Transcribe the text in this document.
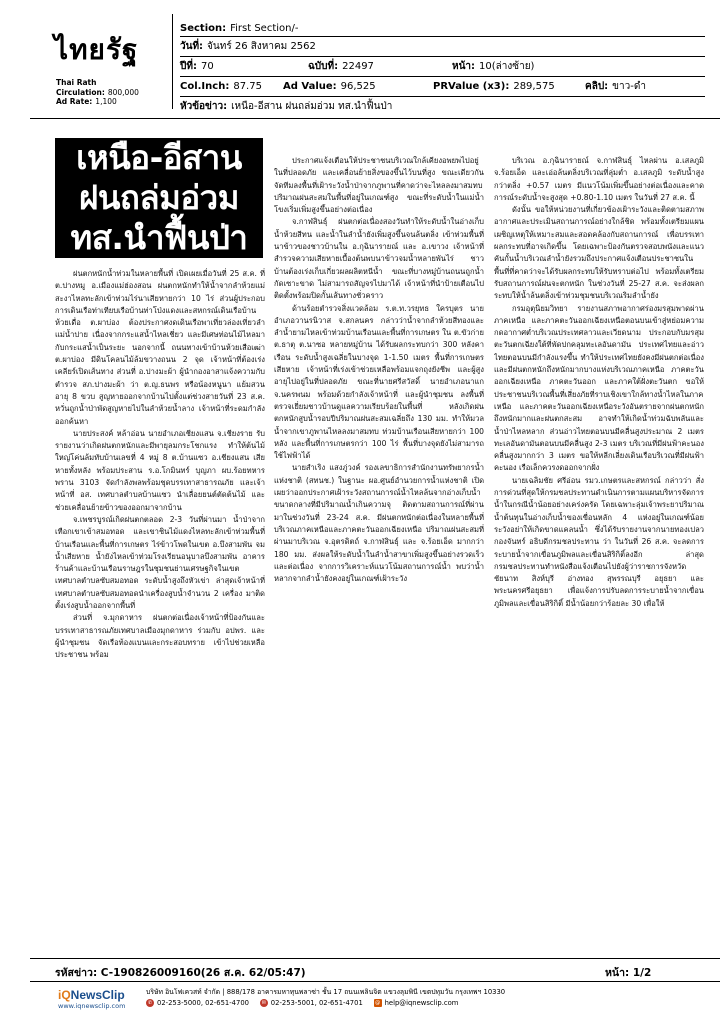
ไทยรัฐ
Thai Rath
Circulation: 800,000
Ad Rate: 1,100
Section: First Section/-
วันที่: จันทร์ 26 สิงหาคม 2562
ปีที่: 70	ฉบับที่: 22497	หน้า: 10(ล่างซ้าย)
Col.Inch: 87.75 Ad Value: 96,525	PRValue (x3): 289,575	คลิป: ขาว-ดำ
หัวข้อข่าว: เหนือ-อีสาน ฝนถล่มอ่วม ทส.นำฟื้นป่า
เหนือ-อีสาน
ฝนถล่มอ่วม
ทส.นำฟื้นป่า

ฝนตกหนักน้ำท่วมในหลายพื้นที่ เปิดเผยเมื่อวันที่ 25 ส.ค. ที่ ต.ปางหมู อ.เมืองแม่ฮ่องสอน ฝนตกหนักทำให้น้ำจากลำห้วยแม่สะงาไหลทะลักเข้าท่วมไร่นาเสียหายกว่า 10 ไร่ ส่วนผู้ประกอบการเดินเรือท่าเทียบเรือบ้านท่าโป่งแดงและสหกรณ์เดินเรือบ้านห้วยเดื่อ ต.ผาบ่อง ต้องประกาศงดเดินเรือพาเที่ยวล่องเที่ยวลำแม่น้ำปาย เนื่องจากกระแสน้ำไหลเชี่ยว และมีเศษท่อนไม้ไหลมากับกระแสน้ำเป็นระยะ นอกจากนี้ ถนนทางเข้าบ้านห้วยเสือเฒ่า ต.ผาบ่อง มีดินโคลนไม้ล้มขวางถนน 2 จุด เจ้าหน้าที่ต้องเร่งเคลียร์เปิดเส้นทาง ส่วนที่ อ.ปางมะผ้า ผู้นำกองอาสาแจ้งความกับตำรวจ สภ.ปางมะผ้า ว่า ต.ญ.ธนพร หรือน้องหนูนา แย้มสวน อายุ 8 ขวบ สูญหายออกจากบ้านไปตั้งแต่ช่วงสายวันที่ 23 ส.ค. หวั่นถูกน้ำป่าพัดสูญหายไปในลำห้วยน้ำลาง เจ้าหน้าที่ระดมกำลังออกค้นหา

นายประสงค์ หล้าอ่อน นายอำเภอเชียงแสน จ.เชียงราย รับรายงานว่าเกิดฝนตกหนักและมีพายุลมกระโชกแรง ทำให้ต้นไม้ใหญ่โค่นล้มทับบ้านเลขที่ 4 หมู่ 8 ต.บ้านแซว อ.เชียงแสน เสียหายทั้งหลัง พร้อมประสาน ร.อ.โกมินทร์ บุญภา ผบ.ร้อยทหารพราน 3103 จัดกำลังพลพร้อมชุดบรรเทาสาธารณภัย และเจ้าหน้าที่ อส. เทศบาลตำบลบ้านแซว นำเลื่อยยนต์ตัดต้นไม้ และช่วยเคลื่อนย้ายข้าวของออกมาจากบ้าน

จ.เพชรบูรณ์เกิดฝนตกตลอด 2-3 วันที่ผ่านมา น้ำป่าจากเทือกเขาเข้าสมอทอด และเขาชินไม้แดงไหลทะลักเข้าท่วมพื้นที่บ้านเรือนและพื้นที่การเกษตร ไร่ข้าวโพดในเขต อ.บึงสามพัน จมน้ำเสียหาย น้ำยังไหลเข้าท่วมโรงเรียนอนุบาลบึงสามพัน อาคารร้านค้าและบ้านเรือนราษฎรในชุมชนย่านเศรษฐกิจในเขตเทศบาลตำบลซับสมอทอด ระดับน้ำสูงถึงหัวเข่า ล่าสุดเจ้าหน้าที่เทศบาลตำบลซับสมอทอดนำเครื่องสูบน้ำจำนวน 2 เครื่อง มาติดตั้งเร่งสูบน้ำออกจากพื้นที่

ส่วนที่ จ.มุกดาหาร ฝนตกต่อเนื่องเจ้าหน้าที่ป้องกันและบรรเทาสาธารณภัยเทศบาลเมืองมุกดาหาร ร่วมกับ อปพร. และผู้นำชุมชน จัดเรือท้องแบนและกระสอบทราย เข้าไปช่วยเหลือประชาชน พร้อม

ประกาศแจ้งเตือนให้ประชาชนบริเวณใกล้เคียงอพยพไปอยู่ในที่ปลอดภัย และเคลื่อนย้ายสิ่งของขึ้นไว้บนที่สูง ขณะเดียวกันจัดทีมลงพื้นที่เฝ้าระวังน้ำป่าจากภูพานที่คาดว่าจะไหลลงมาสมทบ ปริมาณฝนสะสมในพื้นที่อยู่ในเกณฑ์สูง ขณะที่ระดับน้ำในแม่น้ำโขงเริ่มเพิ่มสูงขึ้นอย่างต่อเนื่อง

จ.กาฬสินธุ์ ฝนตกต่อเนื่องสองวันทำให้ระดับน้ำในอ่างเก็บน้ำห้วยสีทน และน้ำในลำน้ำยังเพิ่มสูงขึ้นจนล้นตลิ่ง เข้าท่วมพื้นที่นาข้าวของชาวบ้านใน อ.กุฉินารายณ์ และ อ.เขาวง เจ้าหน้าที่สำรวจความเสียหายเบื้องต้นพบนาข้าวจมน้ำหลายพันไร่ ชาวบ้านต้องเร่งเก็บเกี่ยวผลผลิตหนีน้ำ ขณะที่บางหมู่บ้านถนนถูกน้ำกัดเซาะขาด ไม่สามารถสัญจรไปมาได้ เจ้าหน้าที่นำป้ายเตือนไปติดตั้งพร้อมปิดกั้นเส้นทางชั่วคราว

ด้านร้อยตำรวจสิ่งแวดล้อม ร.ต.ท.วรยุทธ ใครบุตร นายอำเภอวานรนิวาส จ.สกลนคร กล่าวว่าน้ำจากลำห้วยสีทองและลำน้ำยามไหลเข้าท่วมบ้านเรือนและพื้นที่การเกษตร ใน ต.ขัวก่าย ต.ธาตุ ต.นาซอ หลายหมู่บ้าน ได้รับผลกระทบกว่า 300 หลังคาเรือน ระดับน้ำสูงเฉลี่ยในบางจุด 1-1.50 เมตร พื้นที่การเกษตรเสียหาย เจ้าหน้าที่เร่งเข้าช่วยเหลือพร้อมแจกถุงยังชีพ และผู้สูงอายุไปอยู่ในที่ปลอดภัย ขณะที่นายศรีสวัสดิ์ นายอำเภอนาแก จ.นครพนม พร้อมด้วยกำลังเจ้าหน้าที่ และผู้นำชุมชน ลงพื้นที่ตรวจเยี่ยมชาวบ้านดูแลความเรียบร้อยในพื้นที่ หลังเกิดฝนตกหนักสูบน้ำรอบปีปริมาณฝนสะสมเฉลี่ยถึง 130 มม. ทำให้มวลน้ำจากเขาภูพานไหลลงมาสมทบ ท่วมบ้านเรือนเสียหายกว่า 100 หลัง และพื้นที่การเกษตรกว่า 100 ไร่ พื้นที่บางจุดยังไม่สามารถใช้ไฟฟ้าได้

นายสำเริง แสงภู่วงค์ รองเลขาธิการสำนักงานทรัพยากรน้ำแห่งชาติ (สทนช.) ในฐานะ ผอ.ศูนย์อำนวยการน้ำแห่งชาติ เปิดเผยว่าออกประกาศเฝ้าระวังสถานการณ์น้ำไหลล้นจากอ่างเก็บน้ำขนาดกลางที่มีปริมาณน้ำเกินความจุ ติดตามสถานการณ์ที่ผ่านมาในช่วงวันที่ 23-24 ส.ค. มีฝนตกหนักต่อเนื่องในหลายพื้นที่บริเวณภาคเหนือและภาคตะวันออกเฉียงเหนือ ปริมาณฝนสะสมที่ผ่านมาบริเวณ จ.อุตรดิตถ์ จ.กาฬสินธุ์ และ จ.ร้อยเอ็ด มากกว่า 180 มม. ส่งผลให้ระดับน้ำในลำน้ำสาขาเพิ่มสูงขึ้นอย่างรวดเร็ว และต่อเนื่อง จากการวิเคราะห์แนวโน้มสถานการณ์น้ำ พบว่าน้ำหลากจากลำน้ำยังคงอยู่ในเกณฑ์เฝ้าระวัง

บริเวณ อ.กุฉินารายณ์ จ.กาฬสินธุ์ ไหลผ่าน อ.เสลภูมิ จ.ร้อยเอ็ด และเอ่อล้นตลิ่งบริเวณที่ลุ่มต่ำ อ.เสลภูมิ ระดับน้ำสูงกว่าตลิ่ง +0.57 เมตร มีแนวโน้มเพิ่มขึ้นอย่างต่อเนื่องและคาดการณ์ระดับน้ำจะสูงสุด +0.80-1.10 เมตร ในวันที่ 27 ส.ค. นี้

ดังนั้น ขอให้หน่วยงานที่เกี่ยวข้องเฝ้าระวังและติดตามสภาพอากาศและประเมินสถานการณ์อย่างใกล้ชิด พร้อมทั้งเตรียมแผนเผชิญเหตุให้เหมาะสมและสอดคล้องกับสถานการณ์ เพื่อบรรเทาผลกระทบที่อาจเกิดขึ้น โดยเฉพาะป้องกันตรวจสอบพนังและแนวคันกั้นน้ำบริเวณลำน้ำยังรวมถึงประกาศแจ้งเตือนประชาชนในพื้นที่ที่คาดว่าจะได้รับผลกระทบให้รับทราบต่อไป พร้อมทั้งเตรียมรับสถานการณ์ฝนจะตกหนัก ในช่วงวันที่ 25-27 ส.ค. จะส่งผลกระทบให้น้ำล้นตลิ่งเข้าท่วมชุมชนบริเวณริมลำน้ำยัง

กรมอุตุนิยมวิทยา รายงานสภาพอากาศร่องมรสุมพาดผ่านภาคเหนือ และภาคตะวันออกเฉียงเหนือตอนบนเข้าสู่หย่อมความกดอากาศต่ำบริเวณประเทศลาวและเวียดนาม ประกอบกับมรสุมตะวันตกเฉียงใต้ที่พัดปกคลุมทะเลอันดามัน ประเทศไทยและอ่าวไทยตอนบนมีกำลังแรงขึ้น ทำให้ประเทศไทยยังคงมีฝนตกต่อเนื่อง และมีฝนตกหนักถึงหนักมากบางแห่งบริเวณภาคเหนือ ภาคตะวันออกเฉียงเหนือ ภาคตะวันออก และภาคใต้ฝั่งตะวันตก ขอให้ประชาชนบริเวณพื้นที่เสี่ยงภัยที่ราบเชิงเขาใกล้ทางน้ำไหลในภาคเหนือ และภาคตะวันออกเฉียงเหนือระวังอันตรายจากฝนตกหนักถึงหนักมากและฝนตกสะสม อาจทำให้เกิดน้ำท่วมฉับพลันและน้ำป่าไหลหลาก ส่วนอ่าวไทยตอนบนมีคลื่นสูงประมาณ 2 เมตร ทะเลอันดามันตอนบนมีคลื่นสูง 2-3 เมตร บริเวณที่มีฝนฟ้าคะนองคลื่นสูงมากกว่า 3 เมตร ขอให้หลีกเลี่ยงเดินเรือบริเวณที่มีฝนฟ้าคะนอง เรือเล็กควรงดออกจากฝั่ง

นายเฉลิมชัย ศรีอ่อน รมว.เกษตรและสหกรณ์ กล่าวว่า สั่งการด่วนที่สุดให้กรมชลประทานดำเนินการตามแผนบริหารจัดการน้ำในกรณีน้ำน้อยอย่างเคร่งครัด โดยเฉพาะลุ่มเจ้าพระยาปริมาณน้ำต้นทุนในอ่างเก็บน้ำของเขื่อนหลัก 4 แห่งอยู่ในเกณฑ์น้อย ระวังอย่าให้เกิดขาดแคลนน้ำ ซึ่งได้รับรายงานจากนายทองเปลว กองจันทร์ อธิบดีกรมชลประทาน ว่า ในวันที่ 26 ส.ค. จะลดการระบายน้ำจากเขื่อนภูมิพลและเขื่อนสิริกิติ์ลงอีก ล่าสุดกรมชลประทานทำหนังสือแจ้งเตือนไปยังผู้ว่าราชการจังหวัดชัยนาท สิงห์บุรี อ่างทอง สุพรรณบุรี อยุธยา และพระนครศรีอยุธยา เพื่อแจ้งการปรับลดการระบายน้ำจากเขื่อนภูมิพลและเขื่อนสิริกิติ์ มีน้ำน้อยกว่าร้อยละ 30 เพื่อให้

รหัสข่าว: C-190826009160(26 ส.ค. 62/05:47)	หน้า: 1/2
iQNewsClip
www.iqnewsclip.com
บริษัท อินโฟเควสท์ จำกัด | 888/178 อาคารมหาทุนพลาซ่า ชั้น 17 ถนนเพลินจิต แขวงลุมพินี เขตปทุมวัน กรุงเทพฯ 10330
✆ 02-253-5000, 02-651-4700	✉ 02-253-5001, 02-651-4701 @ help@iqnewsclip.com
